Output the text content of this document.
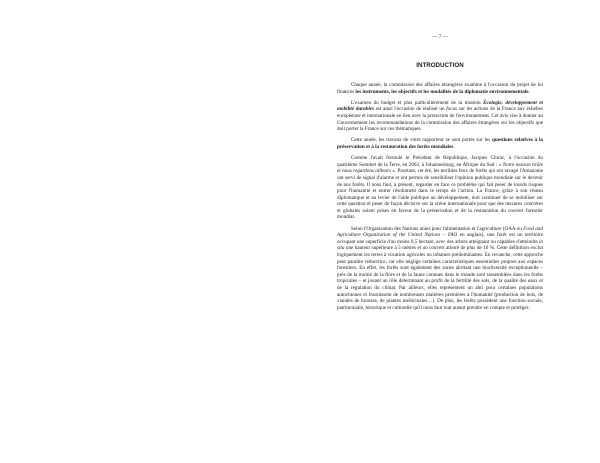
— 7 —
INTRODUCTION

Chaque année, la commission des affaires étrangères examine à l'occasion du projet de loi finances les instruments, les objectifs et les modalités de la diplomatie environnementale.

L'examen du budget et plus particulièrement de la mission Écologie, développement et mobilité durables est ainsi l'occasion de réaliser un focus sur les actions de la France aux échelles européenne et internationale en lien avec la protection de l'environnement. Cet avis vise à donner au Gouvernement les recommandations de la commission des affaires étrangères sur les objectifs que doit porter la France sur ces thématiques.

Cette année, les travaux de votre rapporteur se sont portés sur les questions relatives à la préservation et à la restauration des forêts mondiales.

Comme l'avait formulé le Président de République, Jacques Chirac, à l'occasion du quatrième Sommet de la Terre, en 2002, à Johannesburg, en Afrique du Sud : « Notre maison brûle et nous regardons ailleurs ». Pourtant, cet été, les terribles feux de forêts qui ont ravagé l'Amazonie ont servi de signal d'alarme et ont permis de sensibiliser l'opinion publique mondiale sur le devenir de nos forêts. Il nous faut, à présent, regarder en face ce problème qui fait peser de lourds risques pour l'humanité et entrer résolument dans le temps de l'action. La France, grâce à son réseau diplomatique et au levier de l'aide publique au développement, doit continuer de se mobiliser sur cette question et peser de façon décisive sur la scène internationale pour que des mesures concrètes et globales soient prises en faveur de la préservation et de la restauration du couvert forestier mondial.

Selon l'Organisation des Nations unies pour l'alimentation et l'agriculture (OAA ou Food and Agriculture Organization of the United Nations – FAO en anglais), une forêt est un territoire occupant une superficie d'au moins 0,5 hectare, avec des arbres atteignant ou capables d'atteindre in situ une hauteur supérieure à 5 mètres et un couvert arboré de plus de 10 %. Cette définition exclut logiquement les terres à vocation agricoles ou urbaines prédominantes. En revanche, cette approche peut paraître réductrice, car elle néglige certaines caractéristiques essentielles propres aux espaces forestiers. En effet, les forêts sont également des zones abritant une biodiversité exceptionnelle – près de la moitié de la flore et de la faune connues dans le monde sont rassemblées dans les forêts tropicales – et jouant un rôle déterminant au profit de la fertilité des sols, de la qualité des eaux et de la régulation du climat. Par ailleurs, elles représentent un abri pour certaines populations autochtones et fournissent de nombreuses matières premières à l'humanité (production de bois, de viandes de brousse, de plantes médicinales…). De plus, les forêts possèdent une fonction sociale, patrimoniale, historique et culturelle qu'il nous faut tout autant prendre en compte et protéger.
